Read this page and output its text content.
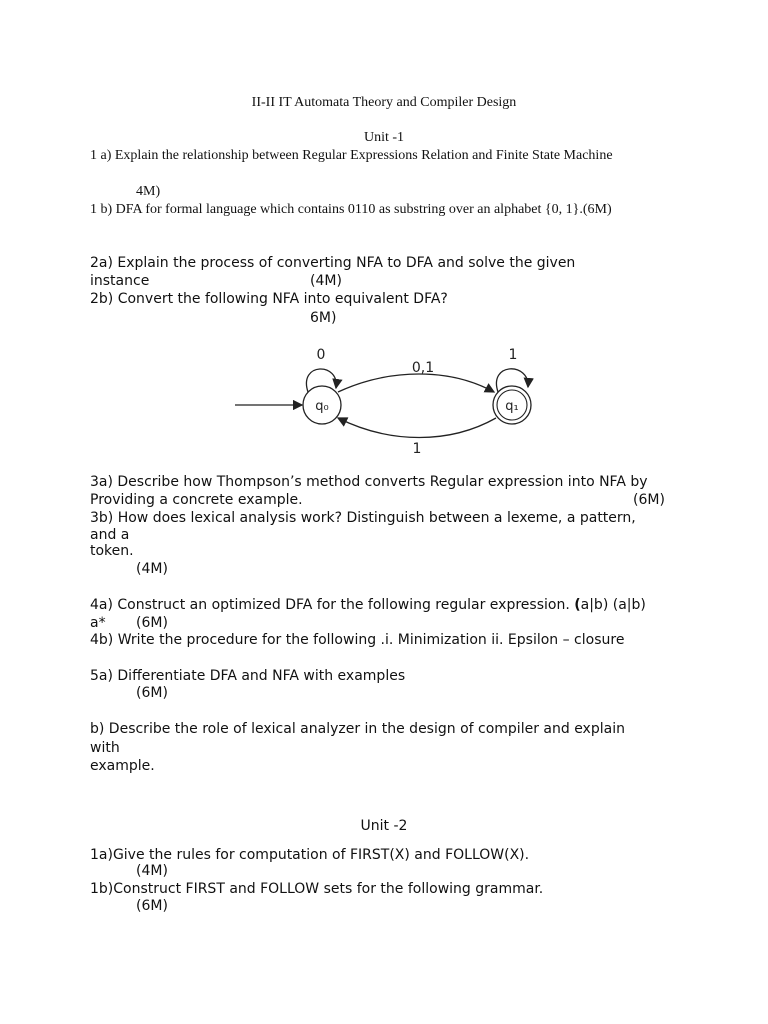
II-II IT Automata Theory and Compiler Design
Unit -1
1 a) Explain the relationship between Regular Expressions Relation and Finite State Machine
4M)
1 b) DFA for formal language which contains 0110 as substring over an alphabet {0, 1}.(6M)
2a) Explain the process of converting NFA to DFA and solve the given
instance	(4M)
2b) Convert the following NFA into equivalent DFA?
6M)
q₀	q₁
0	1
0,1
1
3a) Describe how Thompson’s method converts Regular expression into NFA by
Providing a concrete example.	(6M)
3b) How does lexical analysis work? Distinguish between a lexeme, a pattern,
and a
token.
(4M)
4a) Construct an optimized DFA for the following regular expression. (a|b) (a|b)
a* (6M)
4b) Write the procedure for the following .i. Minimization ii. Epsilon – closure
5a) Differentiate DFA and NFA with examples
(6M)
b) Describe the role of lexical analyzer in the design of compiler and explain
with
example.
Unit -2
1a)Give the rules for computation of FIRST(X) and FOLLOW(X).
(4M)
1b)Construct FIRST and FOLLOW sets for the following grammar.
(6M)
